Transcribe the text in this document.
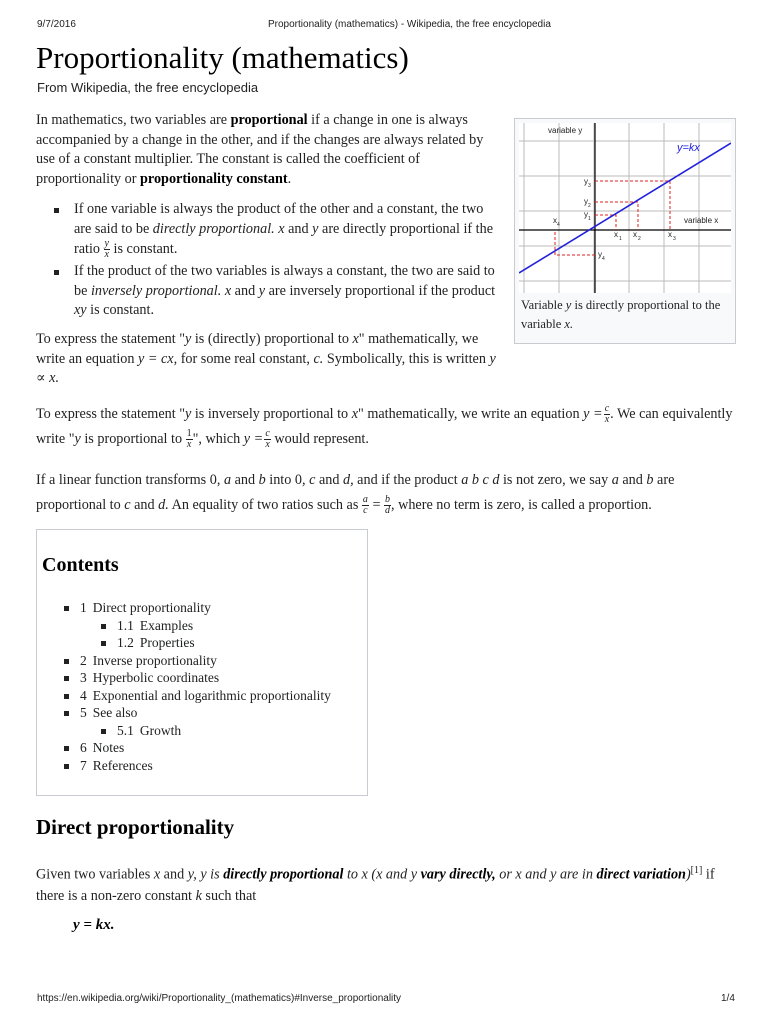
9/7/2016	Proportionality (mathematics) - Wikipedia, the free encyclopedia
Proportionality (mathematics)
From Wikipedia, the free encyclopedia
In mathematics, two variables are proportional if a change in one is always accompanied by a change in the other, and if the changes are always related by use of a constant multiplier. The constant is called the coefficient of proportionality or proportionality constant.
If one variable is always the product of the other and a constant, the two are said to be directly proportional. x and y are directly proportional if the ratio $\frac{y}{x}$ is constant.
If the product of the two variables is always a constant, the two are said to be inversely proportional. x and y are inversely proportional if the product xy is constant.
To express the statement "y is (directly) proportional to x" mathematically, we write an equation y = cx, for some real constant, c. Symbolically, this is written y ∝ x.
To express the statement "y is inversely proportional to x" mathematically, we write an equation y =  $\frac{c}{x}$ . We can equivalently write "y is proportional to $\frac{1}{x}$ ", which y =  $\frac{c}{x}$ would represent.
If a linear function transforms 0, a and b into 0, c and d, and if the product a b c d is not zero, we say a and b are proportional to c and d. An equality of two ratios such as $\frac{a}{c} = \frac{b}{d}$ , where no term is zero, is called a proportion.
variable y
variable x
y=kx
x 4
x 1 x 2	x 3
y 3
y 2
y 1
y 4
Variable y is directly proportional to the variable x.
Contents
1 Direct proportionality
1.1 Examples
1.2 Properties
2 Inverse proportionality
3 Hyperbolic coordinates
4 Exponential and logarithmic proportionality
5 See also
5.1 Growth
6 Notes
7 References
Direct proportionality
Given two variables x and y, y is directly proportional to x (x and y vary directly, or x and y are in direct variation)[1] if there is a non-zero constant k such that
y = kx.
https://en.wikipedia.org/wiki/Proportionality_(mathematics)#Inverse_proportionality	1/4
